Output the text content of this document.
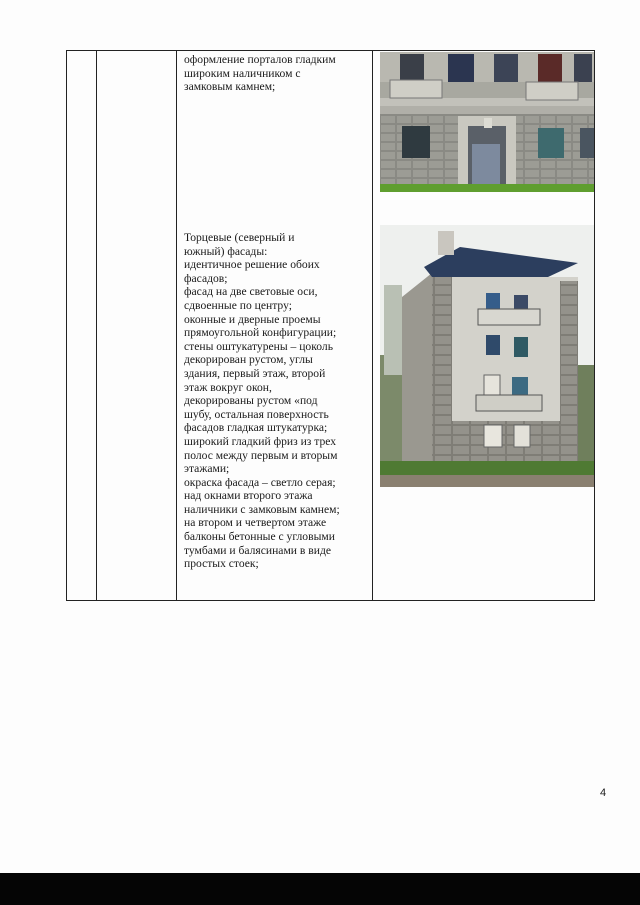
оформление порталов гладким

широким наличником с

замковым камнем;

Торцевые (северный и

южный) фасады:

идентичное решение обоих

фасадов;

фасад на две световые оси,

сдвоенные по центру;

оконные и дверные проемы

прямоугольной конфигурации;

стены оштукатурены – цоколь

декорирован рустом, углы

здания, первый этаж, второй

этаж вокруг окон,

декорированы рустом «под

шубу, остальная поверхность

фасадов гладкая штукатурка;

широкий гладкий фриз из трех

полос между первым и вторым

этажами;

окраска фасада – светло серая;

над окнами второго этажа

наличники с замковым камнем;

на втором и четвертом этаже

балконы бетонные с угловыми

тумбами и балясинами в виде

простых стоек;

4
